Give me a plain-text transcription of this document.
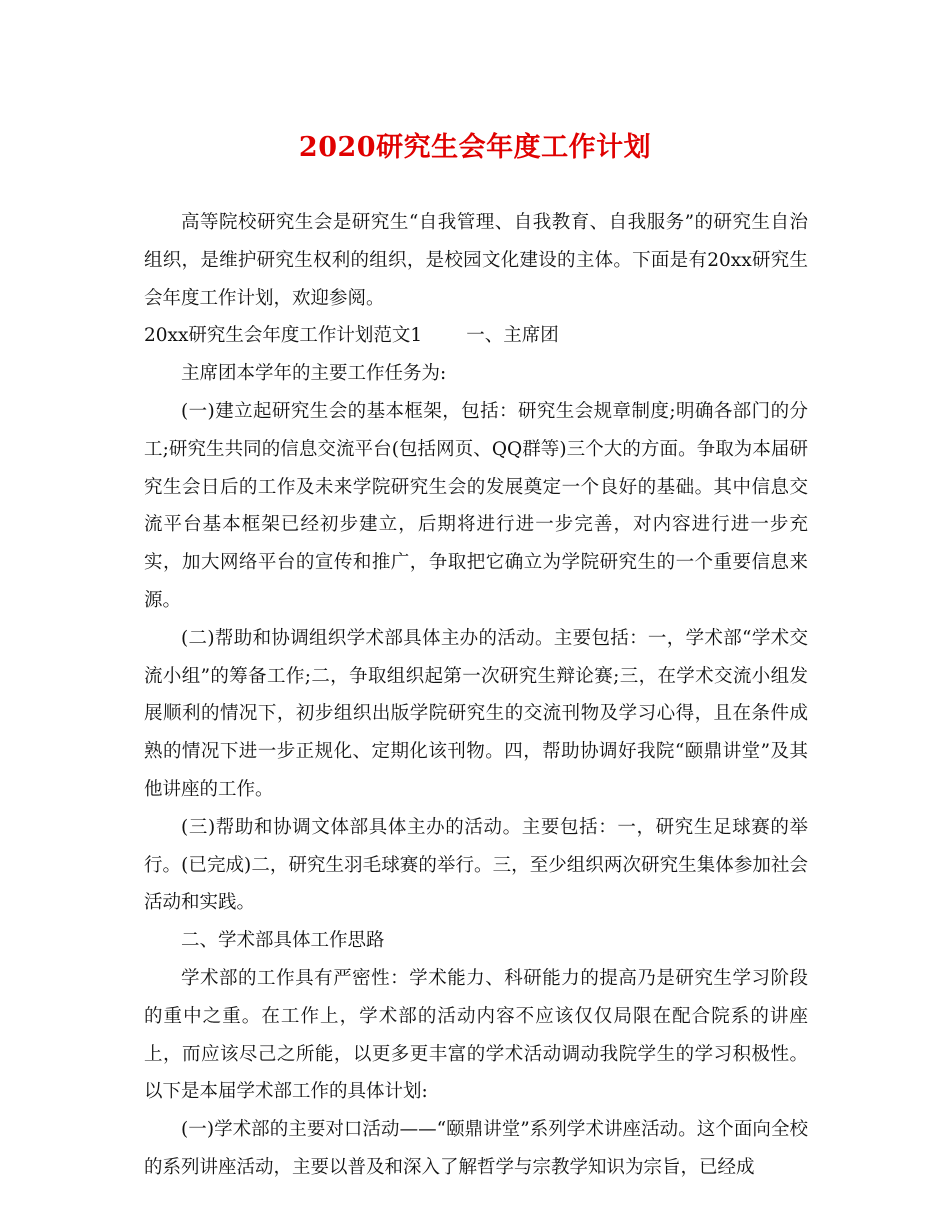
2020研究生会年度工作计划

高等院校研究生会是研究生“自我管理、自我教育、自我服务”的研究生自治组织，是维护研究生权利的组织，是校园文化建设的主体。下面是有20xx研究生会年度工作计划，欢迎参阅。

20xx研究生会年度工作计划范文1 一、主席团

主席团本学年的主要工作任务为:

(一)建立起研究生会的基本框架，包括：研究生会规章制度;明确各部门的分工;研究生共同的信息交流平台(包括网页、QQ群等)三个大的方面。争取为本届研究生会日后的工作及未来学院研究生会的发展奠定一个良好的基础。其中信息交流平台基本框架已经初步建立，后期将进行进一步完善，对内容进行进一步充实，加大网络平台的宣传和推广，争取把它确立为学院研究生的一个重要信息来源。

(二)帮助和协调组织学术部具体主办的活动。主要包括：一，学术部“学术交流小组”的筹备工作;二，争取组织起第一次研究生辩论赛;三，在学术交流小组发展顺利的情况下，初步组织出版学院研究生的交流刊物及学习心得，且在条件成熟的情况下进一步正规化、定期化该刊物。四，帮助协调好我院“颐鼎讲堂”及其他讲座的工作。

(三)帮助和协调文体部具体主办的活动。主要包括：一，研究生足球赛的举行。(已完成)二，研究生羽毛球赛的举行。三，至少组织两次研究生集体参加社会活动和实践。

二、学术部具体工作思路

学术部的工作具有严密性：学术能力、科研能力的提高乃是研究生学习阶段的重中之重。在工作上，学术部的活动内容不应该仅仅局限在配合院系的讲座上，而应该尽己之所能，以更多更丰富的学术活动调动我院学生的学习积极性。以下是本届学术部工作的具体计划:

(一)学术部的主要对口活动——“颐鼎讲堂”系列学术讲座活动。这个面向全校的系列讲座活动，主要以普及和深入了解哲学与宗教学知识为宗旨，已经成
